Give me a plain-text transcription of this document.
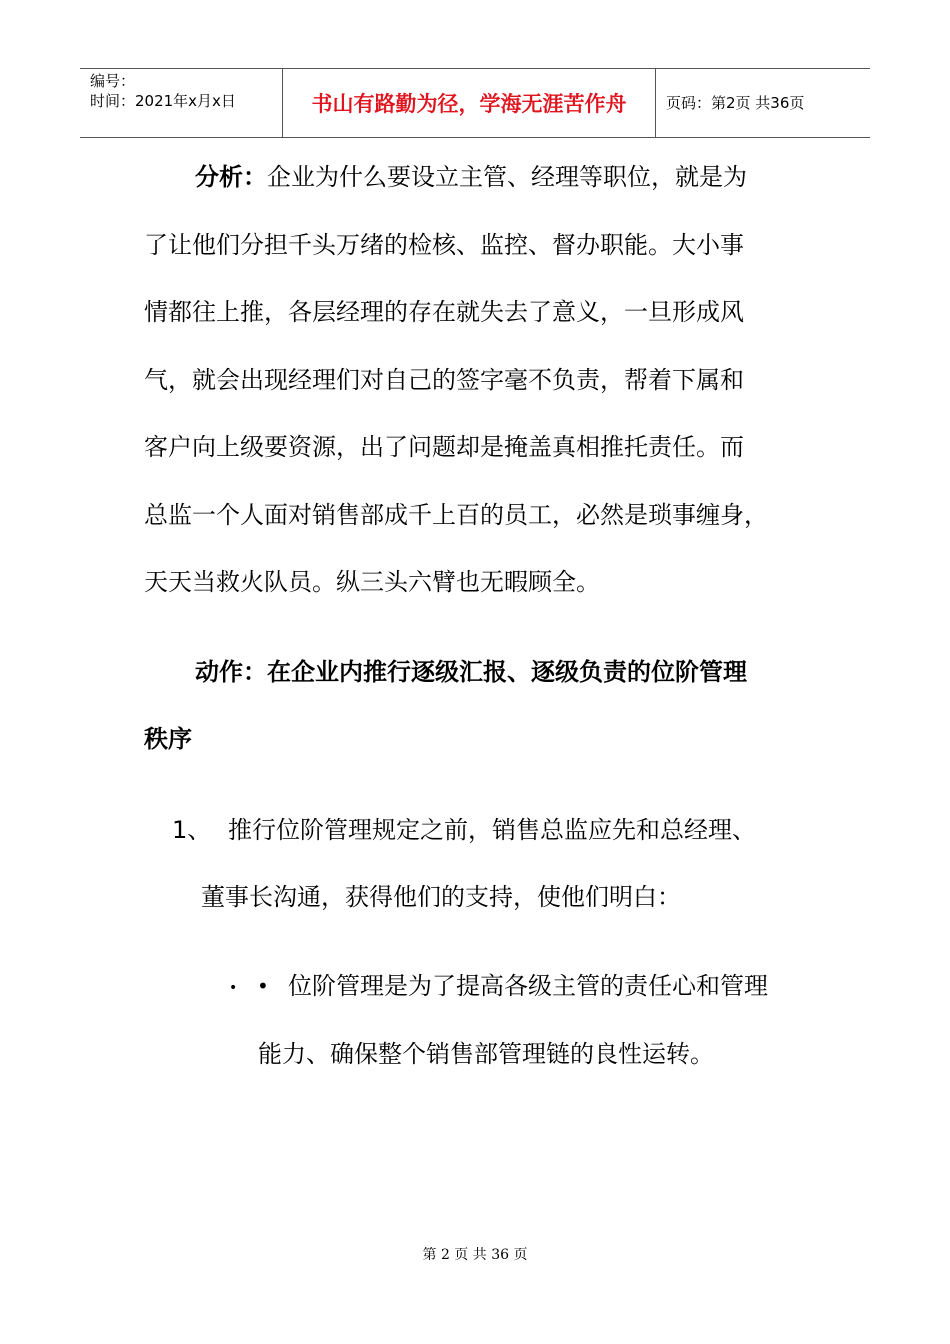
编号：
时间：2021年x月x日	书山有路勤为径，学海无涯苦作舟	页码：第2页 共36页
分析：企业为什么要设立主管、经理等职位，就是为
了让他们分担千头万绪的检核、监控、督办职能。大小事
情都往上推，各层经理的存在就失去了意义，一旦形成风
气，就会出现经理们对自己的签字毫不负责，帮着下属和
客户向上级要资源，出了问题却是掩盖真相推托责任。而
总监一个人面对销售部成千上百的员工，必然是琐事缠身，
天天当救火队员。纵三头六臂也无暇顾全。
动作：在企业内推行逐级汇报、逐级负责的位阶管理
秩序
1、 推行位阶管理规定之前，销售总监应先和总经理、
董事长沟通，获得他们的支持，使他们明白：
• • 位阶管理是为了提高各级主管的责任心和管理
能力、确保整个销售部管理链的良性运转。
第 2 页 共 36 页
